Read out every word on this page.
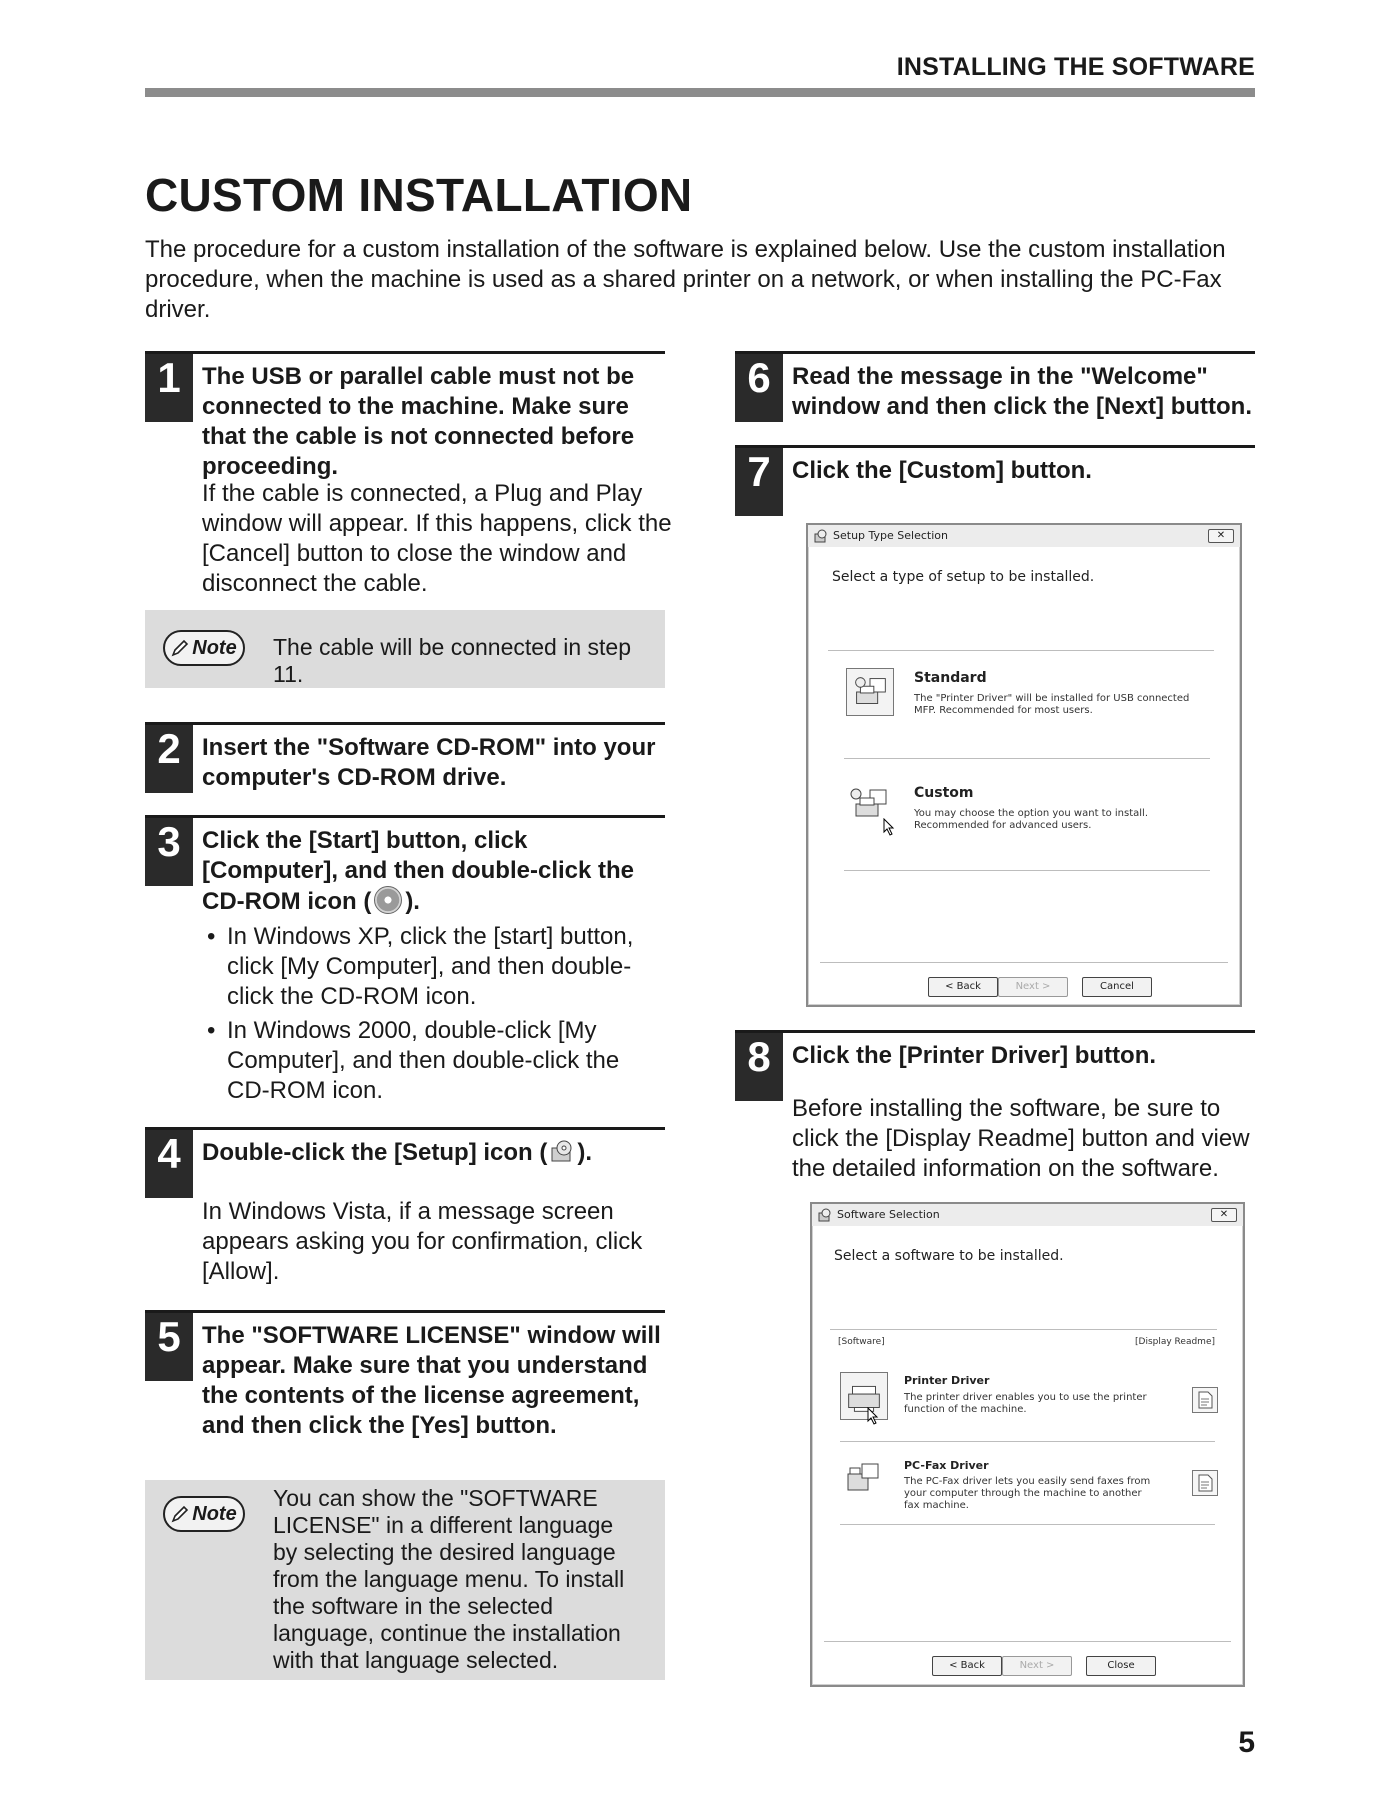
INSTALLING THE SOFTWARE
CUSTOM INSTALLATION

The procedure for a custom installation of the software is explained below. Use the custom installation procedure, when the machine is used as a shared printer on a network, or when installing the PC-Fax driver.

1 The USB or parallel cable must not be connected to the machine. Make sure that the cable is not connected before proceeding.
If the cable is connected, a Plug and Play window will appear. If this happens, click the [Cancel] button to close the window and disconnect the cable.
Note The cable will be connected in step 11.
2 Insert the "Software CD-ROM" into your computer's CD-ROM drive.
3 Click the [Start] button, click [Computer], and then double-click the CD-ROM icon ( ).
• In Windows XP, click the [start] button, click [My Computer], and then double-click the CD-ROM icon.
• In Windows 2000, double-click [My Computer], and then double-click the CD-ROM icon.
4 Double-click the [Setup] icon ( ).
In Windows Vista, if a message screen appears asking you for confirmation, click [Allow].
5 The "SOFTWARE LICENSE" window will appear. Make sure that you understand the contents of the license agreement, and then click the [Yes] button.
Note
You can show the "SOFTWARE LICENSE" in a different language by selecting the desired language from the language menu. To install the software in the selected language, continue the installation with that language selected.
6 Read the message in the "Welcome" window and then click the [Next] button.
7 Click the [Custom] button.
Setup Type Selection	✕
Select a type of setup to be installed.
Standard
The "Printer Driver" will be installed for USB connected MFP. Recommended for most users.
Custom
You may choose the option you want to install. Recommended for advanced users.
< Back	Next >	Cancel
8 Click the [Printer Driver] button.
Before installing the software, be sure to click the [Display Readme] button and view the detailed information on the software.
Software Selection	✕
Select a software to be installed.
[Software]	[Display Readme]
Printer Driver
The printer driver enables you to use the printer function of the machine.
PC-Fax Driver
The PC-Fax driver lets you easily send faxes from your computer through the machine to another fax machine.
< Back	Next >	Close
5
